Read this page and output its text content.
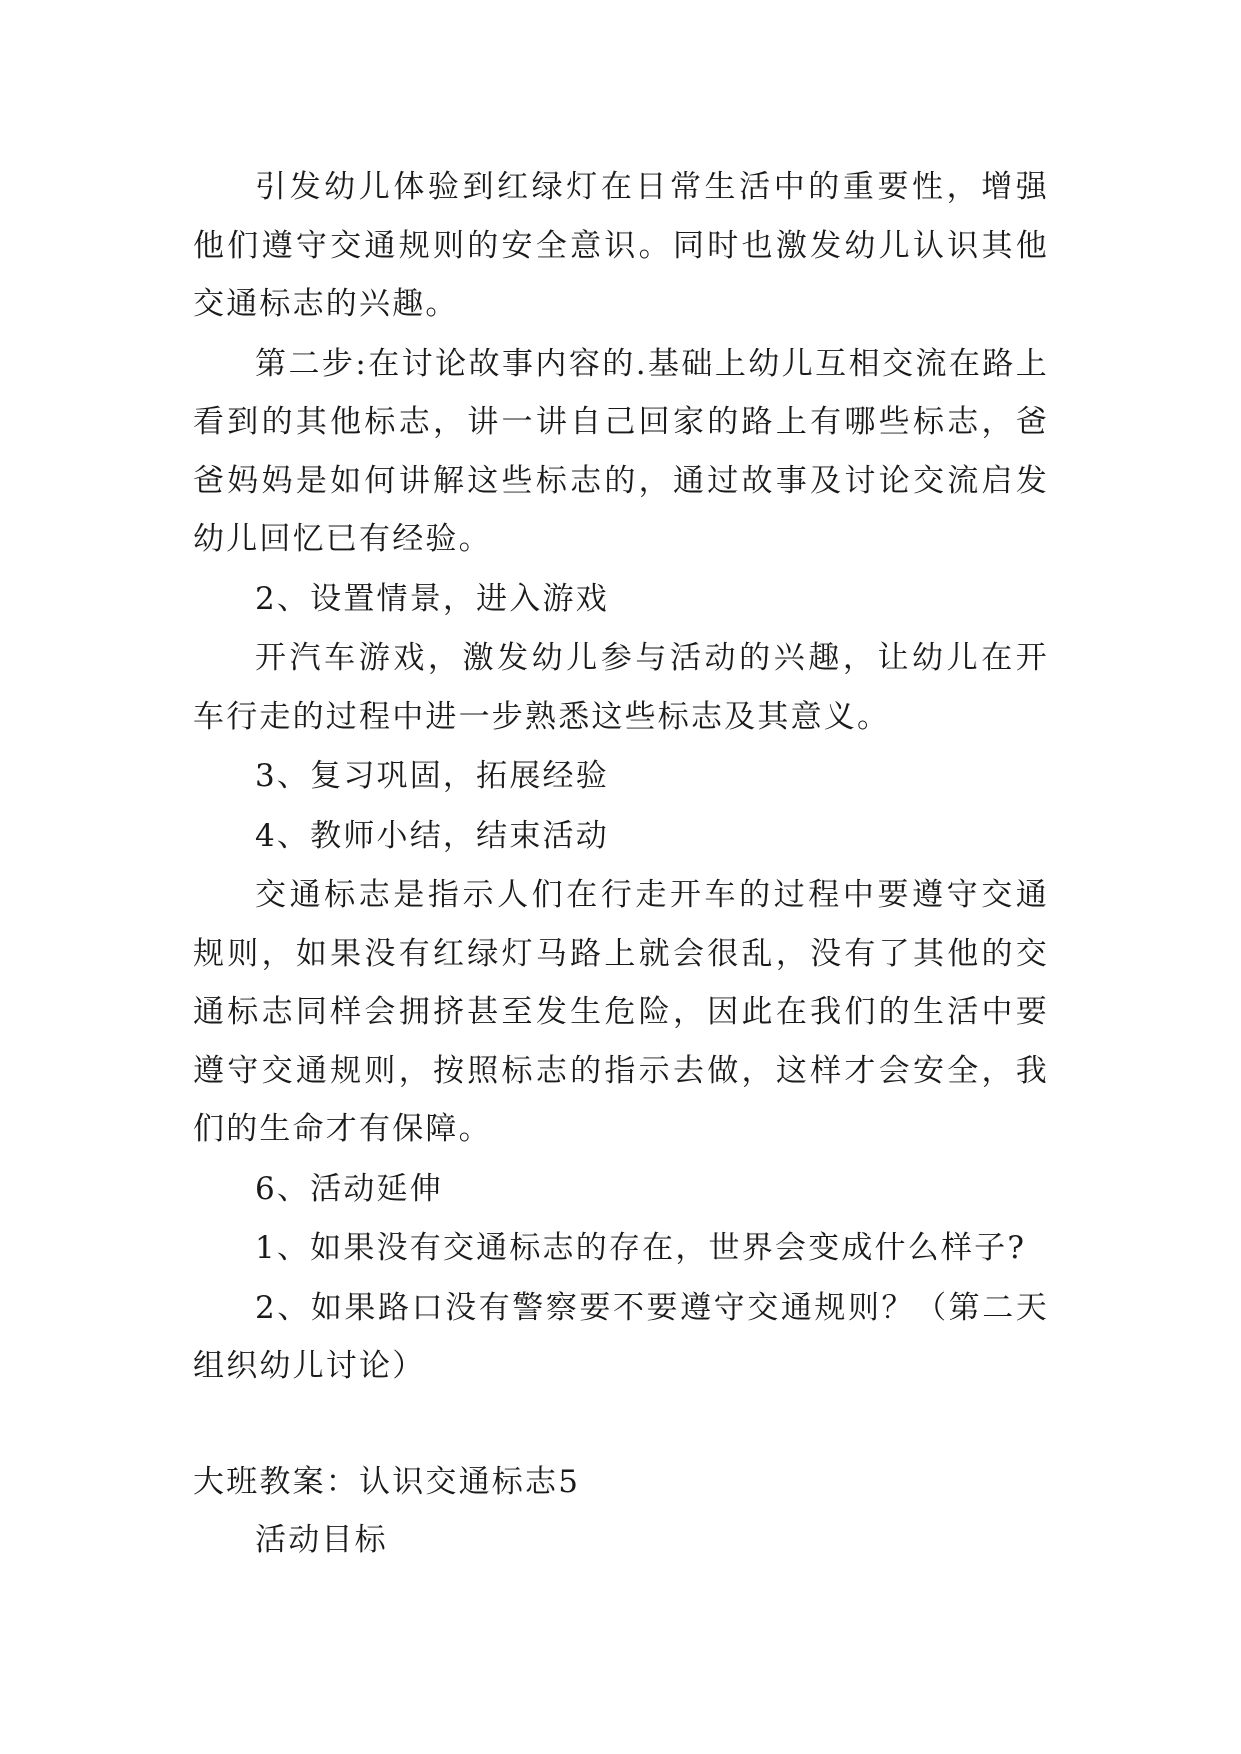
引发幼儿体验到红绿灯在日常生活中的重要性，增强他们遵守交通规则的安全意识。同时也激发幼儿认识其他交通标志的兴趣。

第二步:在讨论故事内容的.基础上幼儿互相交流在路上看到的其他标志，讲一讲自己回家的路上有哪些标志，爸爸妈妈是如何讲解这些标志的，通过故事及讨论交流启发幼儿回忆已有经验。

2、设置情景，进入游戏

开汽车游戏，激发幼儿参与活动的兴趣，让幼儿在开车行走的过程中进一步熟悉这些标志及其意义。

3、复习巩固，拓展经验

4、教师小结，结束活动

交通标志是指示人们在行走开车的过程中要遵守交通规则，如果没有红绿灯马路上就会很乱，没有了其他的交通标志同样会拥挤甚至发生危险，因此在我们的生活中要遵守交通规则，按照标志的指示去做，这样才会安全，我们的生命才有保障。

6、活动延伸

1、如果没有交通标志的存在，世界会变成什么样子?

2、如果路口没有警察要不要遵守交通规则？（第二天组织幼儿讨论）

大班教案：认识交通标志5

活动目标
